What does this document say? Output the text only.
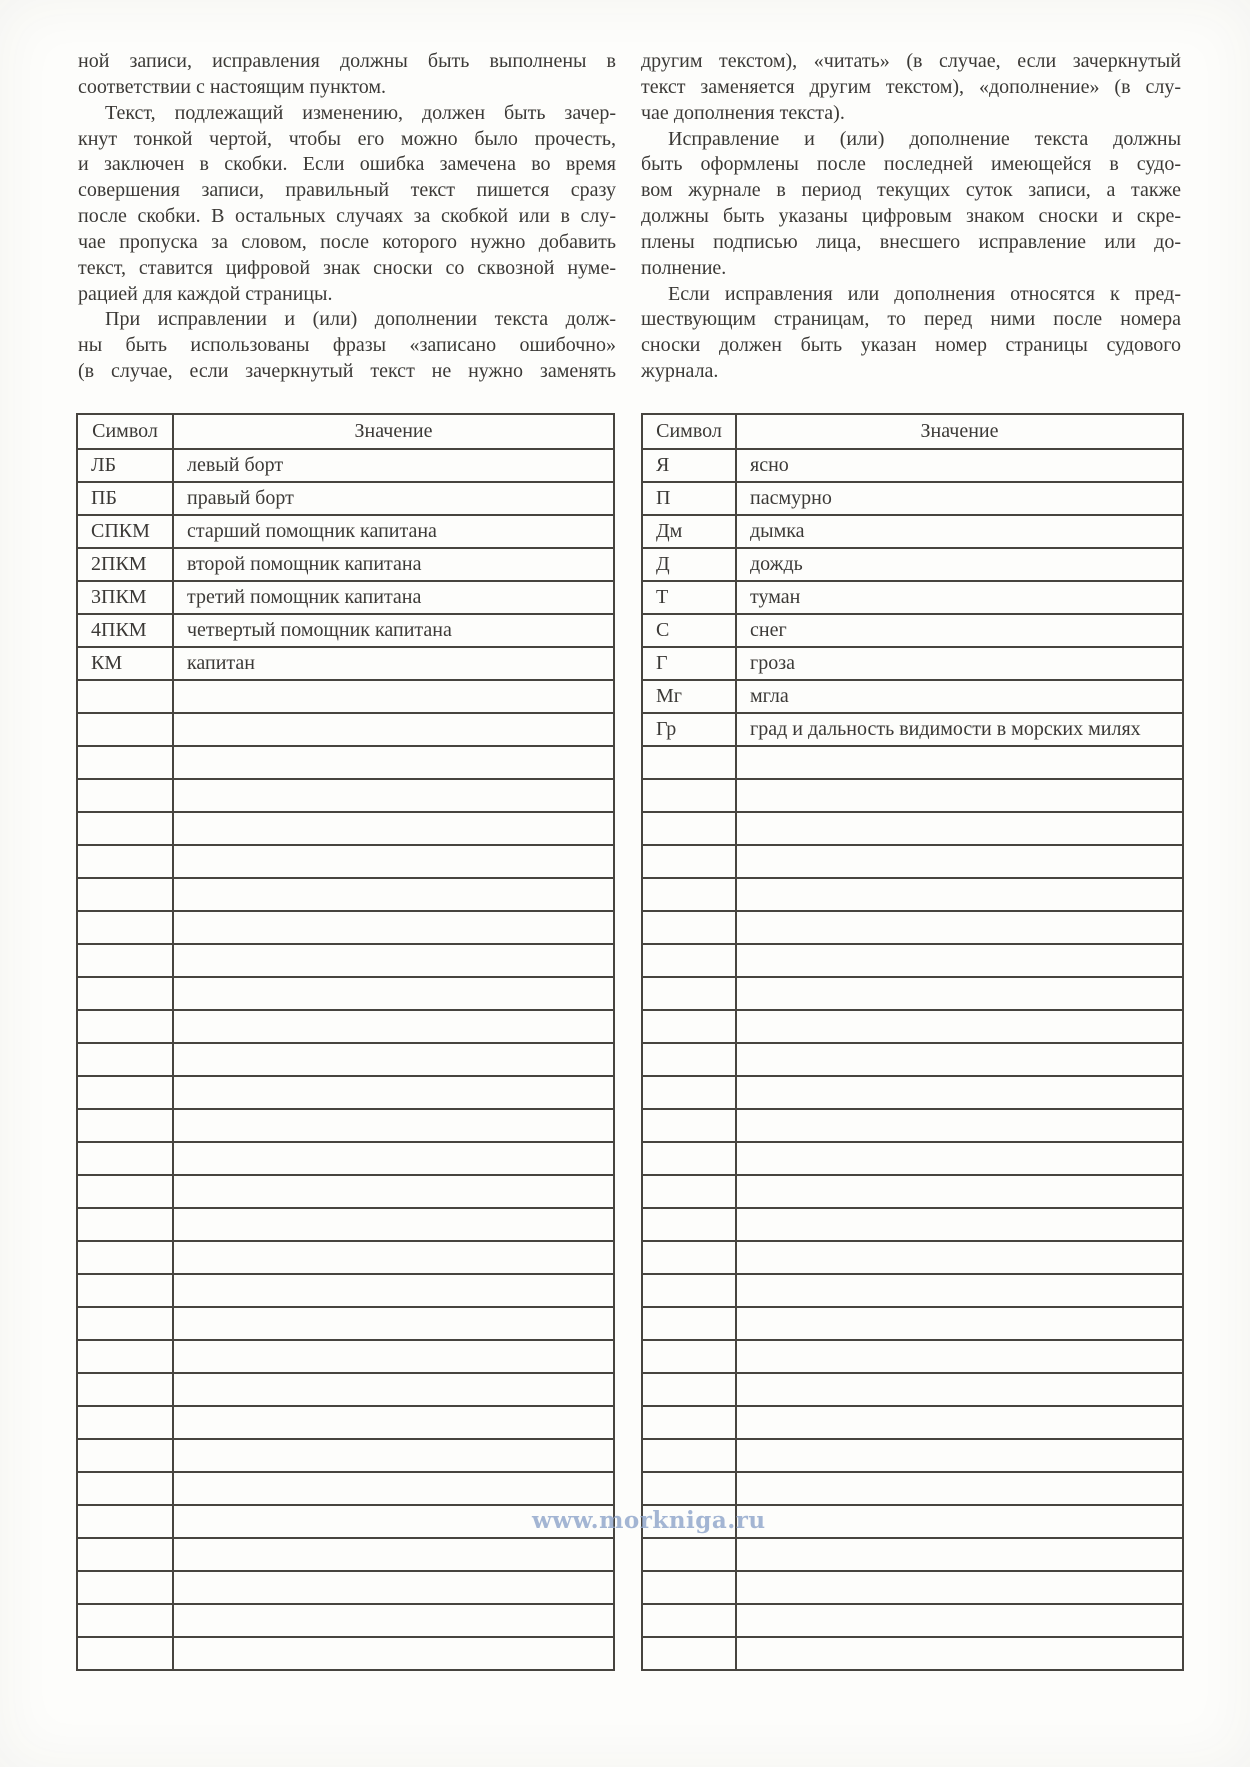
ной записи, исправления должны быть выполнены в
соответствии с настоящим пунктом.
Текст, подлежащий изменению, должен быть зачер-
кнут тонкой чертой, чтобы его можно было прочесть,
и заключен в скобки. Если ошибка замечена во время
совершения записи, правильный текст пишется сразу
после скобки. В остальных случаях за скобкой или в слу-
чае пропуска за словом, после которого нужно добавить
текст, ставится цифровой знак сноски со сквозной нуме-
рацией для каждой страницы.
При исправлении и (или) дополнении текста долж-
ны быть использованы фразы «записано ошибочно»
(в случае, если зачеркнутый текст не нужно заменять
другим текстом), «читать» (в случае, если зачеркнутый
текст заменяется другим текстом), «дополнение» (в слу-
чае дополнения текста).
Исправление и (или) дополнение текста должны
быть оформлены после последней имеющейся в судо-
вом журнале в период текущих суток записи, а также
должны быть указаны цифровым знаком сноски и скре-
плены подписью лица, внесшего исправление или до-
полнение.
Если исправления или дополнения относятся к пред-
шествующим страницам, то перед ними после номера
сноски должен быть указан номер страницы судового
журнала.
Символ	Значение
ЛБ	левый борт
ПБ	правый борт
СПКМ	старший помощник капитана
2ПКМ	второй помощник капитана
3ПКМ	третий помощник капитана
4ПКМ	четвертый помощник капитана
КМ	капитан

Символ	Значение
Я	ясно
П	пасмурно
Дм	дымка
Д	дождь
Т	туман
С	снег
Г	гроза
Мг	мгла
Гр	град и дальность видимости в морских милях

www.morkniga.ru
